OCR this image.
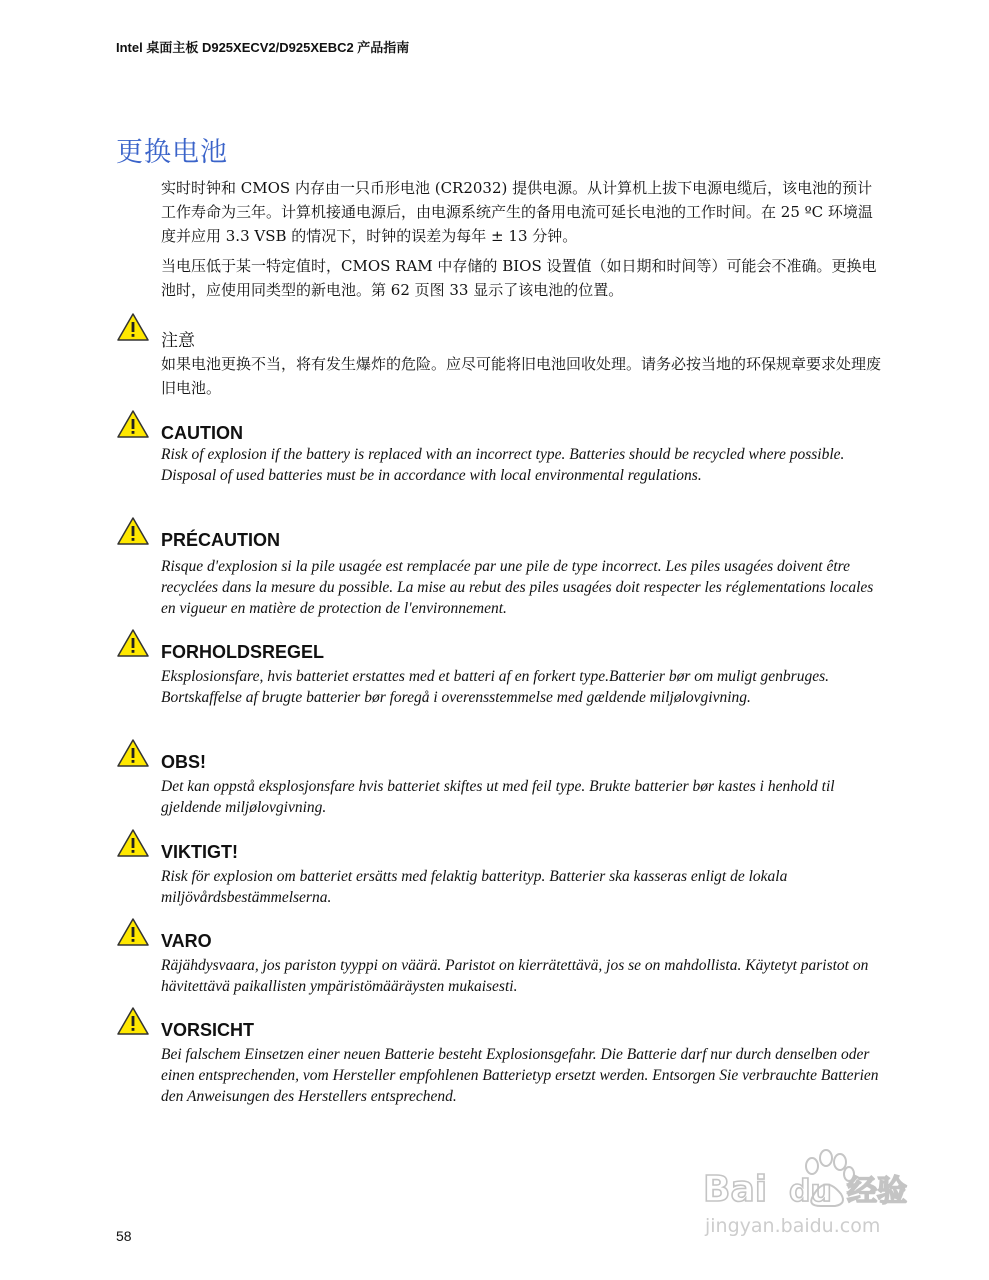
Intel 桌面主板 D925XECV2/D925XEBC2 产品指南
更换电池

实时时钟和 CMOS 内存由一只币形电池 (CR2032) 提供电源。从计算机上拔下电源电缆后，该电池的预计工作寿命为三年。计算机接通电源后，由电源系统产生的备用电流可延长电池的工作时间。在 25 ºC 环境温度并应用 3.3 VSB 的情况下，时钟的误差为每年 ± 13 分钟。

当电压低于某一特定值时，CMOS RAM 中存储的 BIOS 设置值（如日期和时间等）可能会不准确。更换电池时，应使用同类型的新电池。第 62 页图 33 显示了该电池的位置。

注意

如果电池更换不当，将有发生爆炸的危险。应尽可能将旧电池回收处理。请务必按当地的环保规章要求处理废旧电池。

CAUTION

Risk of explosion if the battery is replaced with an incorrect type. Batteries should be recycled where possible. Disposal of used batteries must be in accordance with local environmental regulations.

PRÉCAUTION

Risque d'explosion si la pile usagée est remplacée par une pile de type incorrect. Les piles usagées doivent être recyclées dans la mesure du possible. La mise au rebut des piles usagées doit respecter les réglementations locales en vigueur en matière de protection de l'environnement.

FORHOLDSREGEL

Eksplosionsfare, hvis batteriet erstattes med et batteri af en forkert type.Batterier bør om muligt genbruges. Bortskaffelse af brugte batterier bør foregå i overensstemmelse med gældende miljølovgivning.

OBS!

Det kan oppstå eksplosjonsfare hvis batteriet skiftes ut med feil type. Brukte batterier bør kastes i henhold til gjeldende miljølovgivning.

VIKTIGT!

Risk för explosion om batteriet ersätts med felaktig batterityp. Batterier ska kasseras enligt de lokala miljövårdsbestämmelserna.

VARO

Räjähdysvaara, jos pariston tyyppi on väärä. Paristot on kierrätettävä, jos se on mahdollista. Käytetyt paristot on hävitettävä paikallisten ympäristömääräysten mukaisesti.

VORSICHT

Bei falschem Einsetzen einer neuen Batterie besteht Explosionsgefahr. Die Batterie darf nur durch denselben oder einen entsprechenden, vom Hersteller empfohlenen Batterietyp ersetzt werden. Entsorgen Sie verbrauchte Batterien den Anweisungen des Herstellers entsprechend.

58
Bai du 经验
jingyan.baidu.com
